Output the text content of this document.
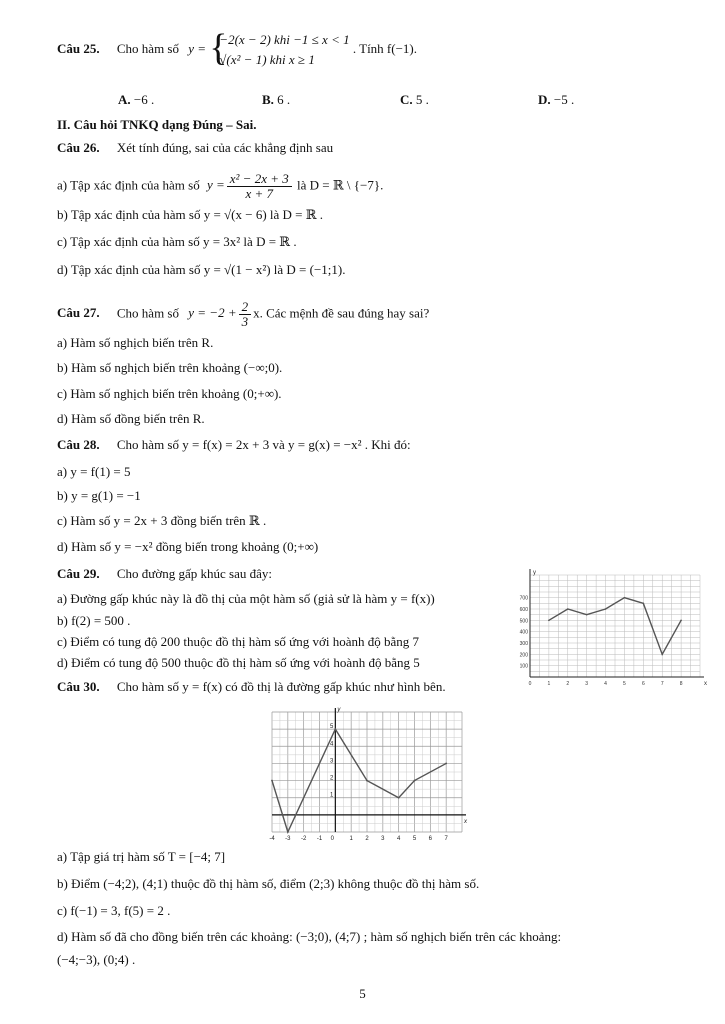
Câu 25. Cho hàm số y = {
−2(x − 2) khi −1 ≤ x < 1
√(x² − 1) khi x ≥ 1
. Tính f(−1).
A. −6 .	B. 6 .	C. 5 .	D. −5 .
II. Câu hỏi TNKQ dạng Đúng – Sai.
Câu 26. Xét tính đúng, sai của các khẳng định sau
a) Tập xác định của hàm số $y = \frac{\text{x² − 2x + 3}}{x + 7}$ là D = ℝ \ {−7}.
b) Tập xác định của hàm số y = √(x − 6) là D = ℝ .
c) Tập xác định của hàm số y = 3x² là D = ℝ .
d) Tập xác định của hàm số y = √(1 − x²) là D = (−1;1).
Câu 27. Cho hàm số $y = -2 + \frac{2}{3} x$. Các mệnh đề sau đúng hay sai?
a) Hàm số nghịch biến trên R.
b) Hàm số nghịch biến trên khoảng (−∞;0).
c) Hàm số nghịch biến trên khoảng (0;+∞).
d) Hàm số đồng biến trên R.
Câu 28. Cho hàm số y = f(x) = 2x + 3 và y = g(x) = −x² . Khi đó:
a) y = f(1) = 5
b) y = g(1) = −1
c) Hàm số y = 2x + 3 đồng biến trên ℝ .
d) Hàm số y = −x² đồng biến trong khoảng (0;+∞)
Câu 29. Cho đường gấp khúc sau đây:
a) Đường gấp khúc này là đồ thị của một hàm số (giả sử là hàm y = f(x))
b) f(2) = 500 .
c) Điểm có tung độ 200 thuộc đồ thị hàm số ứng với hoành độ bằng 7
d) Điểm có tung độ 500 thuộc đồ thị hàm số ứng với hoành độ bằng 5	100
200
300
400
500
600
700
0	1	2	3	4	5	6	7	8
y
x
Câu 30. Cho hàm số y = f(x) có đồ thị là đường gấp khúc như hình bên.
-4 -3 -2 -1 0	1 2 3 4 5 6 7
1
2
3
4
5
y
x
a) Tập giá trị hàm số T = [−4; 7]
b) Điểm (−4;2), (4;1) thuộc đồ thị hàm số, điểm (2;3) không thuộc đồ thị hàm số.
c) f(−1) = 3, f(5) = 2 .
d) Hàm số đã cho đồng biến trên các khoảng: (−3;0), (4;7) ; hàm số nghịch biến trên các khoảng:
(−4;−3), (0;4) .
5
